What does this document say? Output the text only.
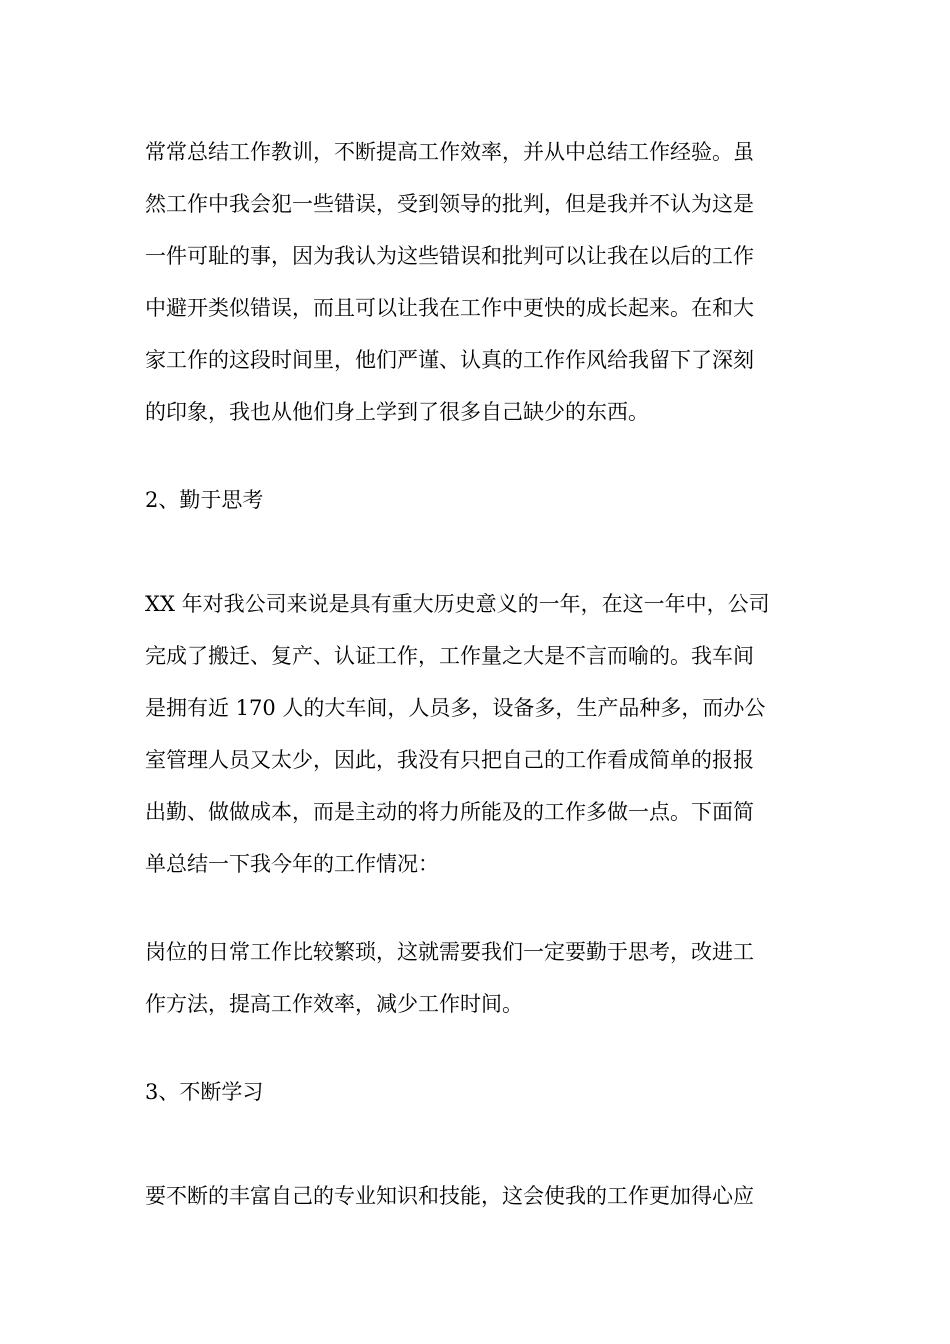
常常总结工作教训，不断提高工作效率，并从中总结工作经验。虽
然工作中我会犯一些错误，受到领导的批判，但是我并不认为这是
一件可耻的事，因为我认为这些错误和批判可以让我在以后的工作
中避开类似错误，而且可以让我在工作中更快的成长起来。在和大
家工作的这段时间里，他们严谨、认真的工作作风给我留下了深刻
的印象，我也从他们身上学到了很多自己缺少的东西。
2、勤于思考
XX 年对我公司来说是具有重大历史意义的一年，在这一年中，公司
完成了搬迁、复产、认证工作，工作量之大是不言而喻的。我车间
是拥有近 170 人的大车间，人员多，设备多，生产品种多，而办公
室管理人员又太少，因此，我没有只把自己的工作看成简单的报报
出勤、做做成本，而是主动的将力所能及的工作多做一点。下面简
单总结一下我今年的工作情况：
岗位的日常工作比较繁琐，这就需要我们一定要勤于思考，改进工
作方法，提高工作效率，减少工作时间。
3、不断学习
要不断的丰富自己的专业知识和技能，这会使我的工作更加得心应
